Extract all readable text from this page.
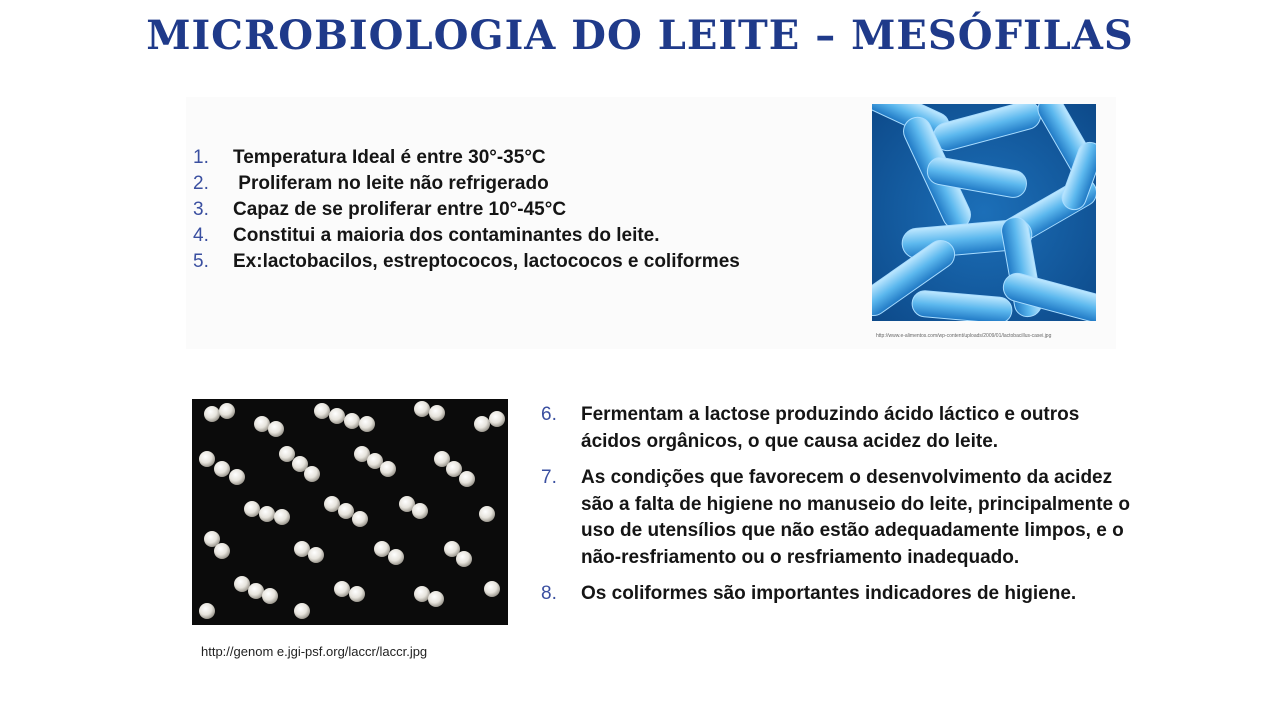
MICROBIOLOGIA DO LEITE – MESÓFILAS
1.	Temperatura Ideal é entre 30°-35°C
2.	Proliferam no leite não refrigerado
3.	Capaz de se proliferar entre 10°-45°C
4.	Constitui a maioria dos contaminantes do leite.
5.	Ex:lactobacilos, estreptococos, lactococos e coliformes

http://www.e-alimentos.com/wp-content/uploads/2009/01/lactobacillus-casei.jpg

http://genom e.jgi-psf.org/laccr/laccr.jpg

6.	Fermentam a lactose produzindo ácido láctico e outros ácidos orgânicos, o que causa acidez do leite.
7.	As condições que favorecem o desenvolvimento da acidez são a falta de higiene no manuseio do leite, principalmente o uso de utensílios que não estão adequadamente limpos, e o não-resfriamento ou o resfriamento inadequado.
8.	Os coliformes são importantes indicadores de higiene.
